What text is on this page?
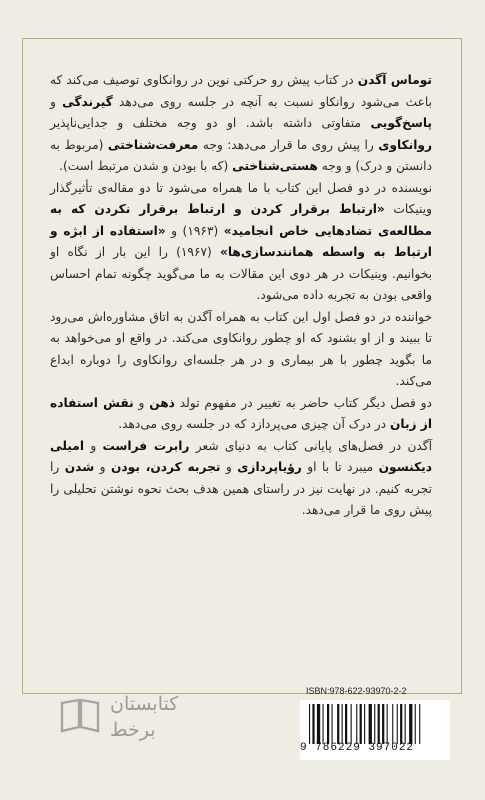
توماس آگدن در کتاب پیش رو حرکتی نوین در روانکاوی توصیف می‌کند که باعث می‌شود روانکاو نسبت به آنچه در جلسه روی می‌دهد گیرندگی و پاسخ‌گویی متفاوتی داشته باشد. او دو وجه مختلف و جدایی‌ناپذیر روانکاوی را پیش روی ما قرار می‌دهد: وجه معرفت‌شناختی (مربوط به دانستن و درک) و وجه هستی‌شناختی (که با بودن و شدن مرتبط است).

نویسنده در دو فصل این کتاب با ما همراه می‌شود تا دو مقاله‌ی تأثیرگذار وینیکات «ارتباط برقرار کردن و ارتباط برقرار نکردن که به مطالعه‌ی تضادهایی خاص انجامید» (۱۹۶۳) و «استفاده از ابژه و ارتباط به واسطه همانندسازی‌ها» (۱۹۶۷) را این بار از نگاه او بخوانیم. وینیکات در هر دوی این مقالات به ما می‌گوید چگونه تمام احساس واقعی بودن به تجربه داده می‌شود.

خواننده در دو فصل اول این کتاب به همراه آگدن به اتاق مشاوره‌اش می‌رود تا ببیند و از او بشنود که او چطور روانکاوی می‌کند. در واقع او می‌خواهد به ما بگوید چطور با هر بیماری و در هر جلسه‌ای روانکاوی را دوباره ابداع می‌کند.

دو فصل دیگر کتاب حاضر به تغییر در مفهوم تولد ذهن و نقش استفاده از زبان در درک آن چیزی می‌پردازد که در جلسه روی می‌دهد.

آگدن در فصل‌های پایانی کتاب به دنیای شعر رابرت فراست و امیلی دیکنسون میبرد تا با او رؤیاپردازی و تجربه کردن، بودن و شدن را تجربه کنیم. در نهایت نیز در راستای همین هدف بحث نحوه نوشتن تحلیلی را پیش روی ما قرار می‌دهد.

کتابستان
برخط
ISBN:978-622-93970-2-2
9 786229 397022
